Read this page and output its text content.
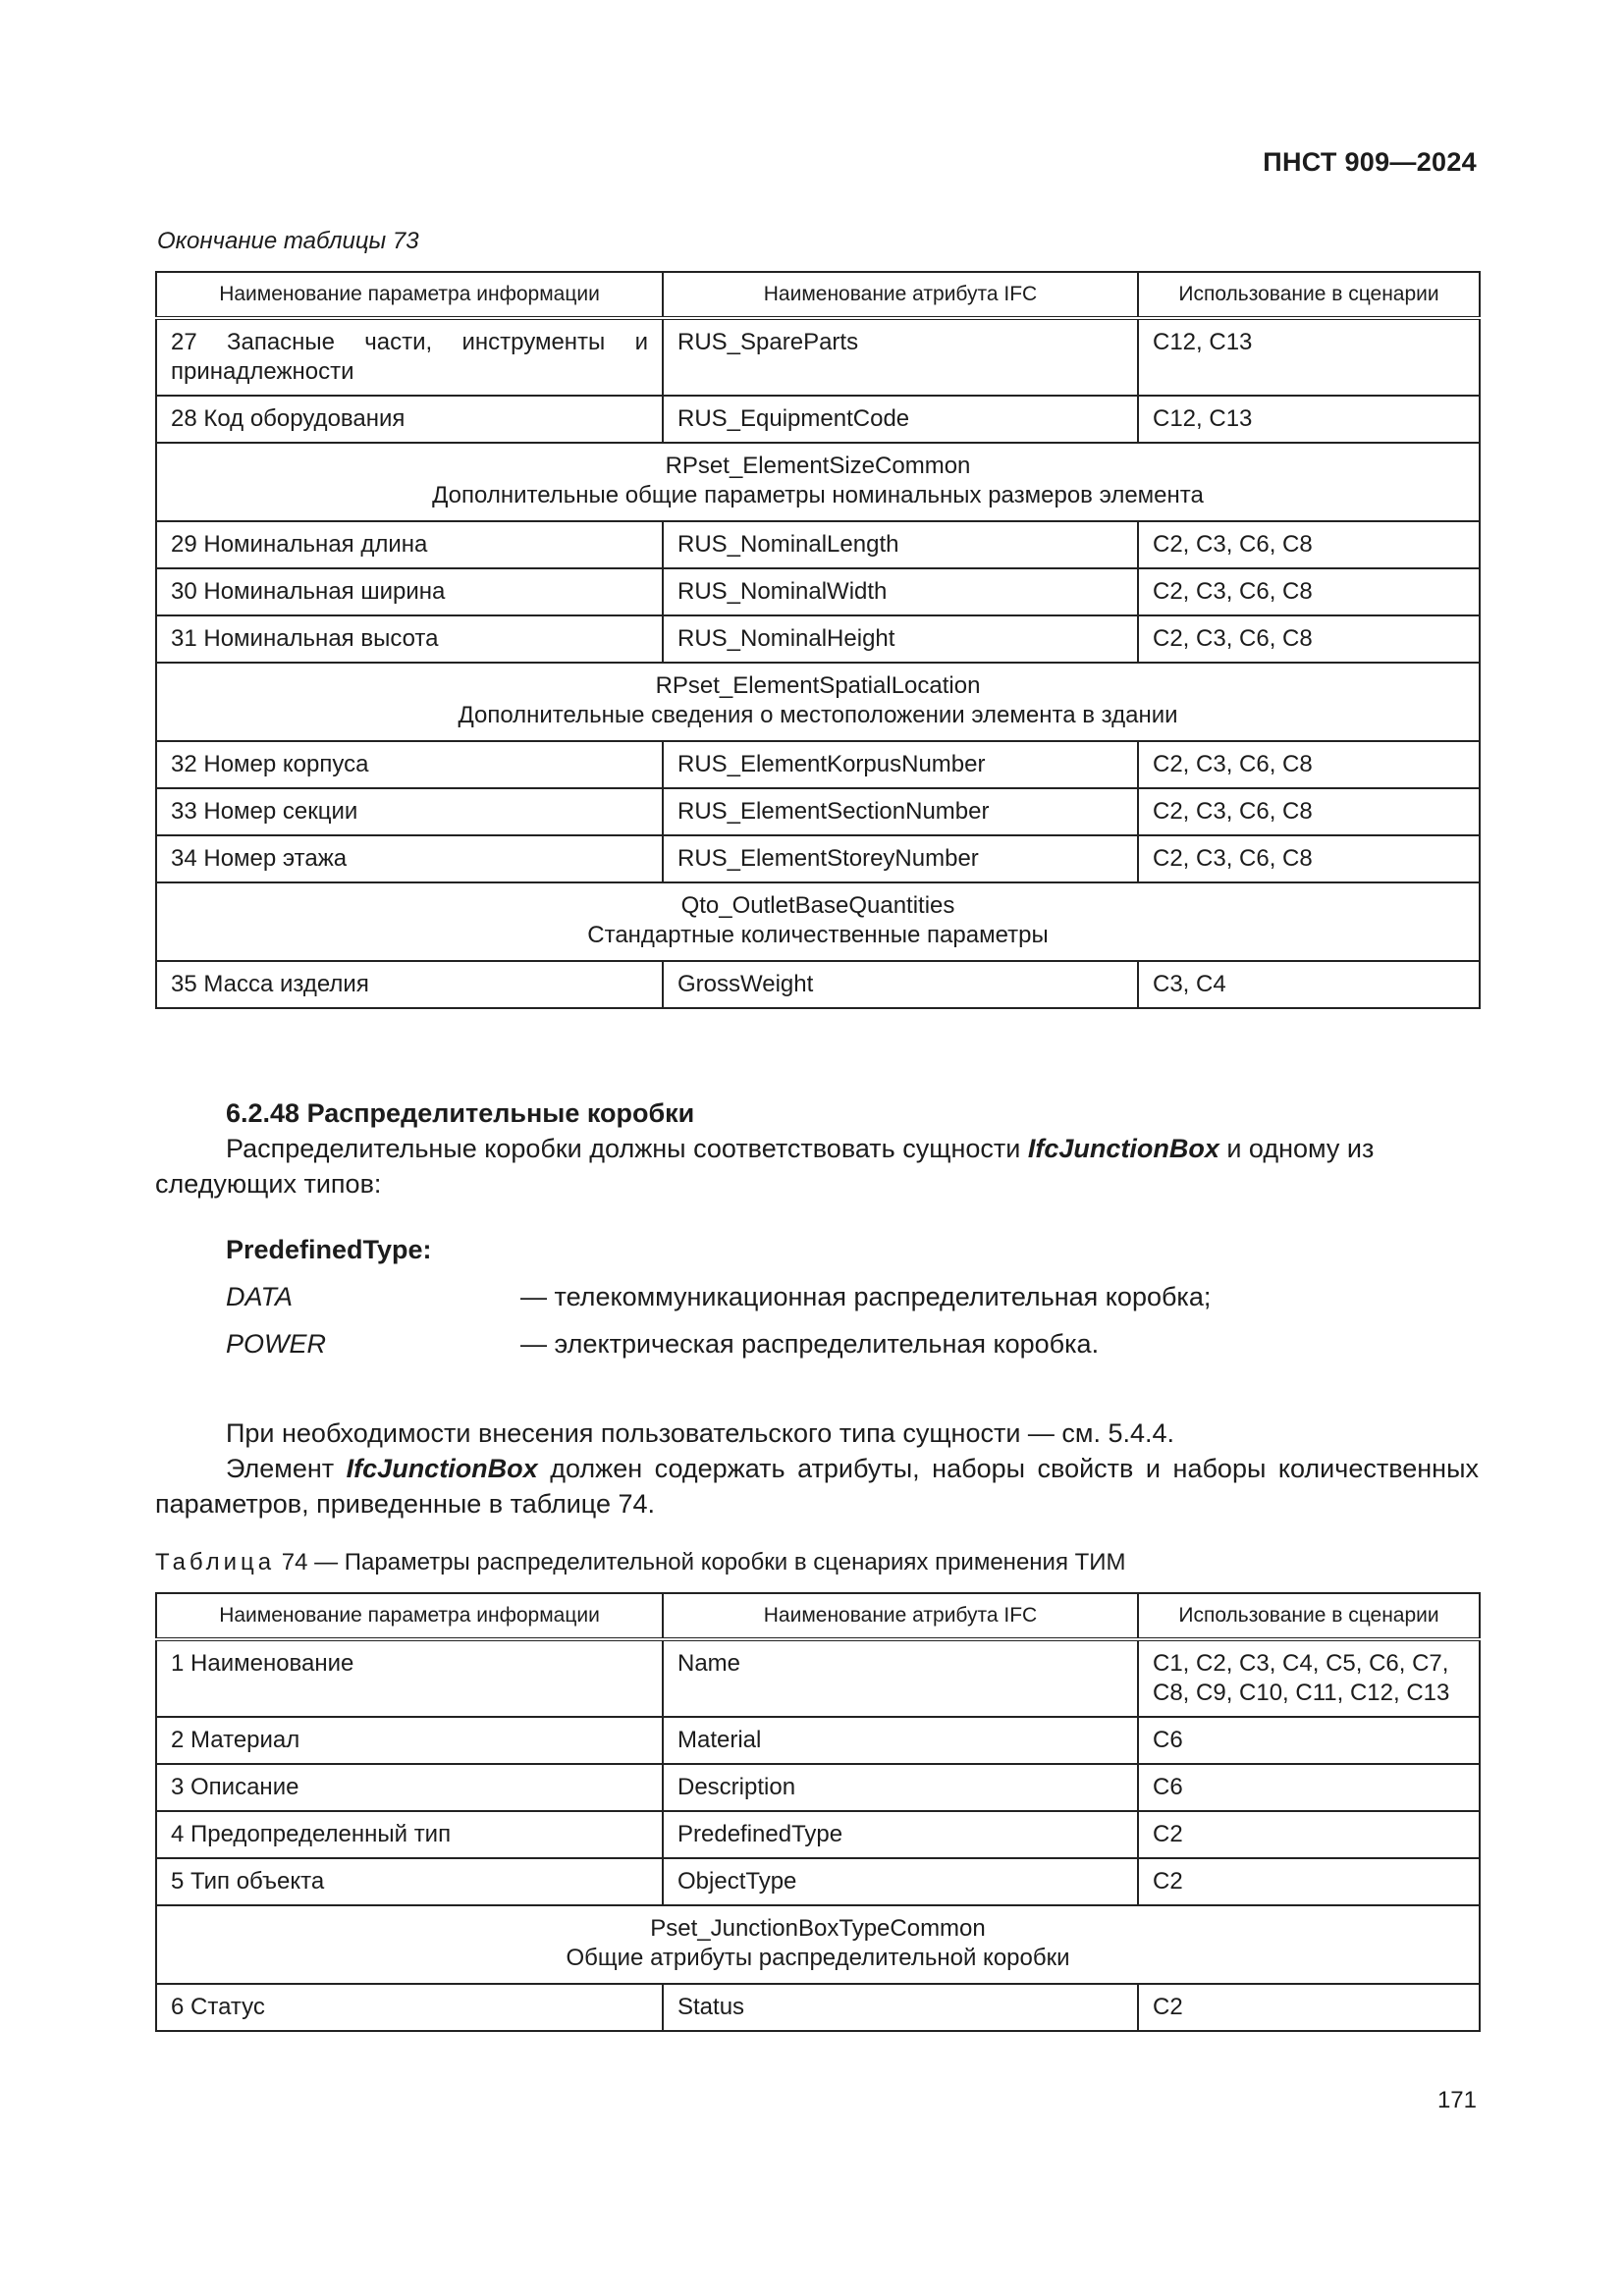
ПНСТ 909—2024
Окончание таблицы 73
Наименование параметра информации	Наименование атрибута IFC	Использование в сценарии
27 Запасные части, инструменты и принадлежности	RUS_SpareParts	С12, С13
28 Код оборудования	RUS_EquipmentCode	С12, С13

RPset_ElementSizeCommon
Дополнительные общие параметры номинальных размеров элемента		

29 Номинальная длина	RUS_NominalLength	С2, С3, С6, С8
30 Номинальная ширина	RUS_NominalWidth	С2, С3, С6, С8
31 Номинальная высота	RUS_NominalHeight	С2, С3, С6, С8

RPset_ElementSpatialLocation
Дополнительные сведения о местоположении элемента в здании		

32 Номер корпуса	RUS_ElementKorpusNumber	С2, С3, С6, С8
33 Номер секции	RUS_ElementSectionNumber	С2, С3, С6, С8
34 Номер этажа	RUS_ElementStoreyNumber	С2, С3, С6, С8

Qto_OutletBaseQuantities
Стандартные количественные параметры		

35 Масса изделия	GrossWeight	С3, С4
6.2.48 Распределительные коробки
Распределительные коробки должны соответствовать сущности IfcJunctionBox и одному из следующих типов:
PredefinedType:
DATA	— телекоммуникационная распределительная коробка;
POWER	— электрическая распределительная коробка.
При необходимости внесения пользовательского типа сущности — см. 5.4.4.
Элемент IfcJunctionBox должен содержать атрибуты, наборы свойств и наборы количественных параметров, приведенные в таблице 74.
Таблица 74 — Параметры распределительной коробки в сценариях применения ТИМ
Наименование параметра информации	Наименование атрибута IFC	Использование в сценарии
1 Наименование	Name	С1, С2, С3, С4, С5, С6, С7, С8, С9, С10, С11, С12, С13
2 Материал	Material	С6
3 Описание	Description	С6
4 Предопределенный тип	PredefinedType	С2
5 Тип объекта	ObjectType	С2

Pset_JunctionBoxTypeCommon
Общие атрибуты распределительной коробки		

6 Статус	Status	С2
171
